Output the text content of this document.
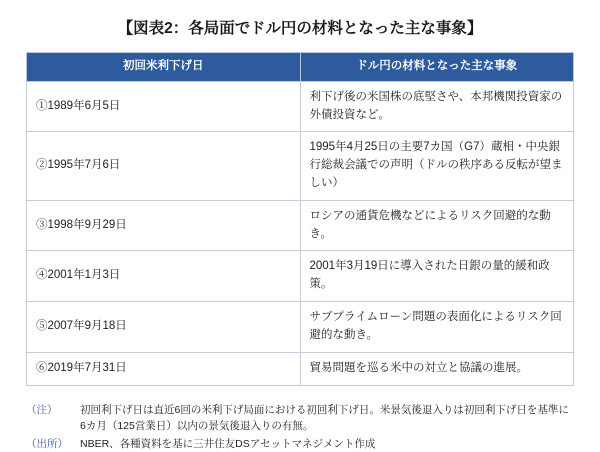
【図表2：各局面でドル円の材料となった主な事象】
初回米利下げ日	ドル円の材料となった主な事象
①1989年6月5日	利下げ後の米国株の底堅さや、本邦機関投資家の外債投資など。
②1995年7月6日	1995年4月25日の主要7カ国（G7）蔵相・中央銀行総裁会議での声明（ドルの秩序ある反転が望ましい）
③1998年9月29日	ロシアの通貨危機などによるリスク回避的な動き。
④2001年1月3日	2001年3月19日に導入された日銀の量的緩和政策。
⑤2007年9月18日	サブプライムローン問題の表面化によるリスク回避的な動き。
⑥2019年7月31日	貿易問題を巡る米中の対立と協議の進展。
（注）	初回利下げ日は直近6回の米利下げ局面における初回利下げ日。米景気後退入りは初回利下げ日を基準に6カ月（125営業日）以内の景気後退入りの有無。
（出所）	NBER、各種資料を基に三井住友DSアセットマネジメント作成
